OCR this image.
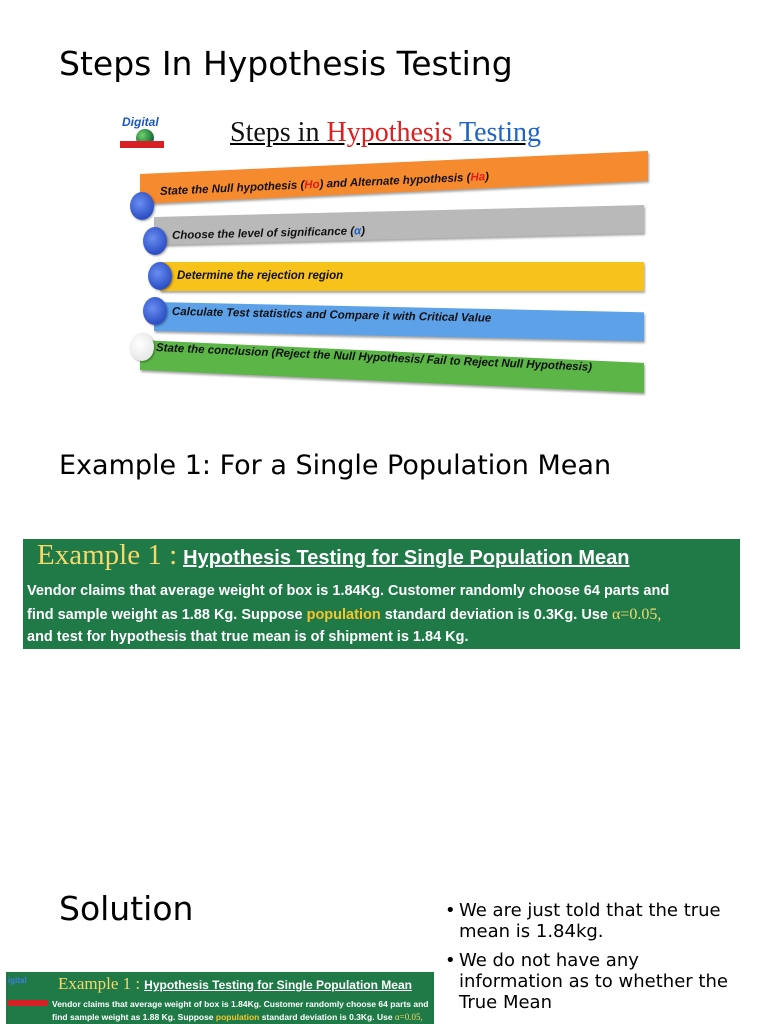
Steps In Hypothesis Testing
Digital	Steps in Hypothesis Testing
State the Null hypothesis (Ho) and Alternate hypothesis (Ha)
Choose the level of significance (α)
Determine the rejection region
Calculate Test statistics and Compare it with Critical Value
State the conclusion (Reject the Null Hypothesis/ Fail to Reject Null Hypothesis)
Example 1: For a Single Population Mean
Example 1 : Hypothesis Testing for Single Population Mean
Vendor claims that average weight of box is 1.84Kg. Customer randomly choose 64 parts and
find sample weight as 1.88 Kg. Suppose population standard deviation is 0.3Kg. Use α=0.05,
and test for hypothesis that true mean is of shipment is 1.84 Kg.
Solution
igital Example 1 : Hypothesis Testing for Single Population Mean
Vendor claims that average weight of box is 1.84Kg. Customer randomly choose 64 parts and
find sample weight as 1.88 Kg. Suppose population standard deviation is 0.3Kg. Use α=0.05,
• We are just told that the true mean is 1.84kg.
• We do not have any information as to whether the True Mean
